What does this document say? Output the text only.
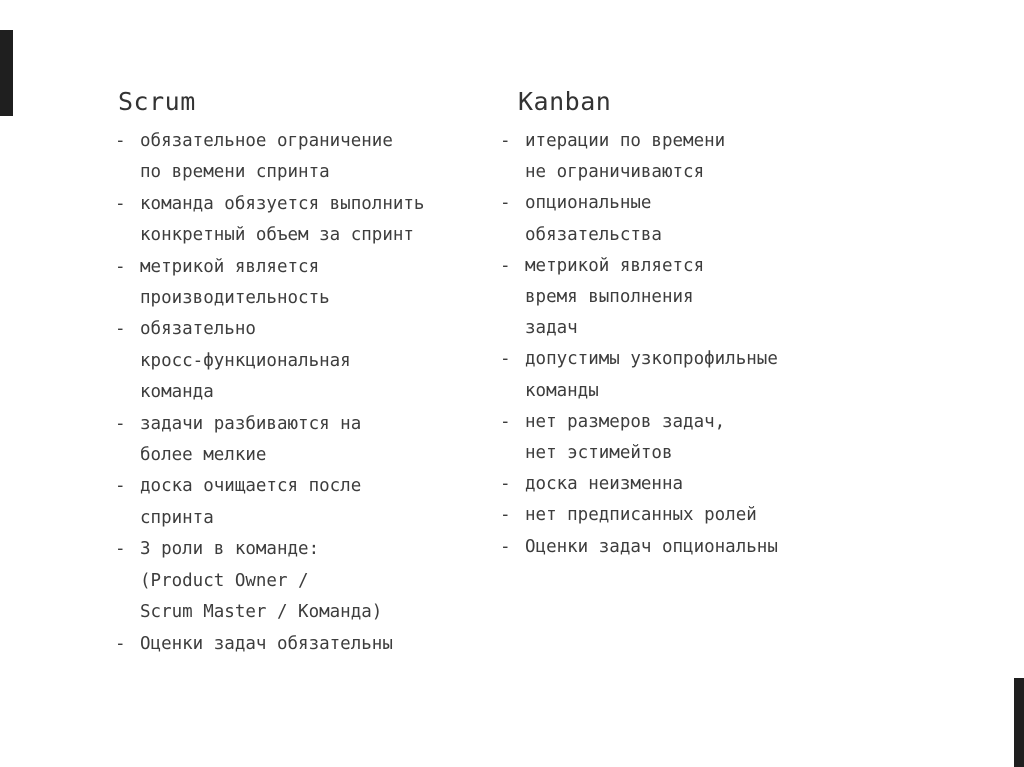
Scrum
- обязательное ограничение
по времени спринта
- команда обязуется выполнить
конкретный объем за спринт
- метрикой является
производительность
- обязательно
кросс-функциональная
команда
- задачи разбиваются на
более мелкие
- доска очищается после
спринта
- 3 роли в команде:
(Product Owner /
Scrum Master / Команда)
- Оценки задач обязательны
Kanban
- итерации по времени
не ограничиваются
- опциональные
обязательства
- метрикой является
время выполнения
задач
- допустимы узкопрофильные
команды
- нет размеров задач,
нет эстимейтов
- доска неизменна
- нет предписанных ролей
- Оценки задач опциональны
